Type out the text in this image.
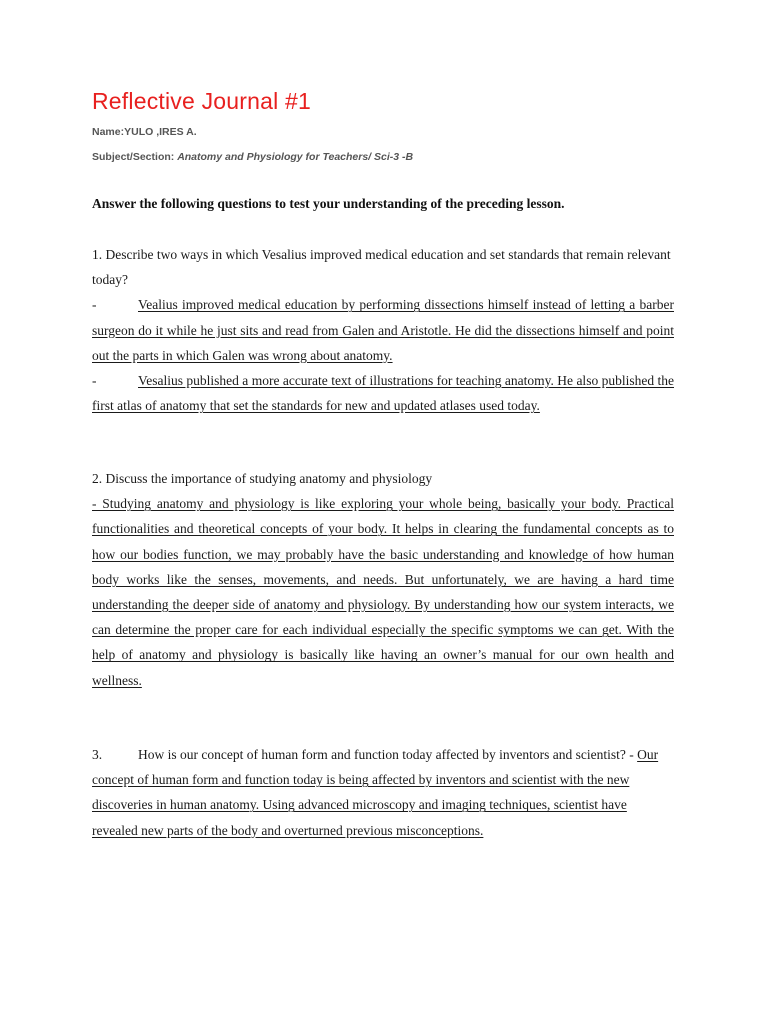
Reflective Journal #1
Name:YULO ,IRES A.
Subject/Section: Anatomy and Physiology for Teachers/ Sci-3 -B
Answer the following questions to test your understanding of the preceding lesson.

1. Describe two ways in which Vesalius improved medical education and set standards that remain relevant today?

-	Vealius improved medical education by performing dissections himself instead of letting a barber surgeon do it while he just sits and read from Galen and Aristotle. He did the dissections himself and point out the parts in which Galen was wrong about anatomy.

-	Vesalius published a more accurate text of illustrations for teaching anatomy. He also published the first atlas of anatomy that set the standards for new and updated atlases used today.

2. Discuss the importance of studying anatomy and physiology

- Studying anatomy and physiology is like exploring your whole being, basically your body. Practical functionalities and theoretical concepts of your body. It helps in clearing the fundamental concepts as to how our bodies function, we may probably have the basic understanding and knowledge of how human body works like the senses, movements, and needs. But unfortunately, we are having a hard time understanding the deeper side of anatomy and physiology. By understanding how our system interacts, we can determine the proper care for each individual especially the specific symptoms we can get. With the help of anatomy and physiology is basically like having an owner’s manual for our own health and wellness.

3.	How is our concept of human form and function today affected by inventors and scientist? - Our concept of human form and function today is being affected by inventors and scientist with the new discoveries in human anatomy. Using advanced microscopy and imaging techniques, scientist have revealed new parts of the body and overturned previous misconceptions.
